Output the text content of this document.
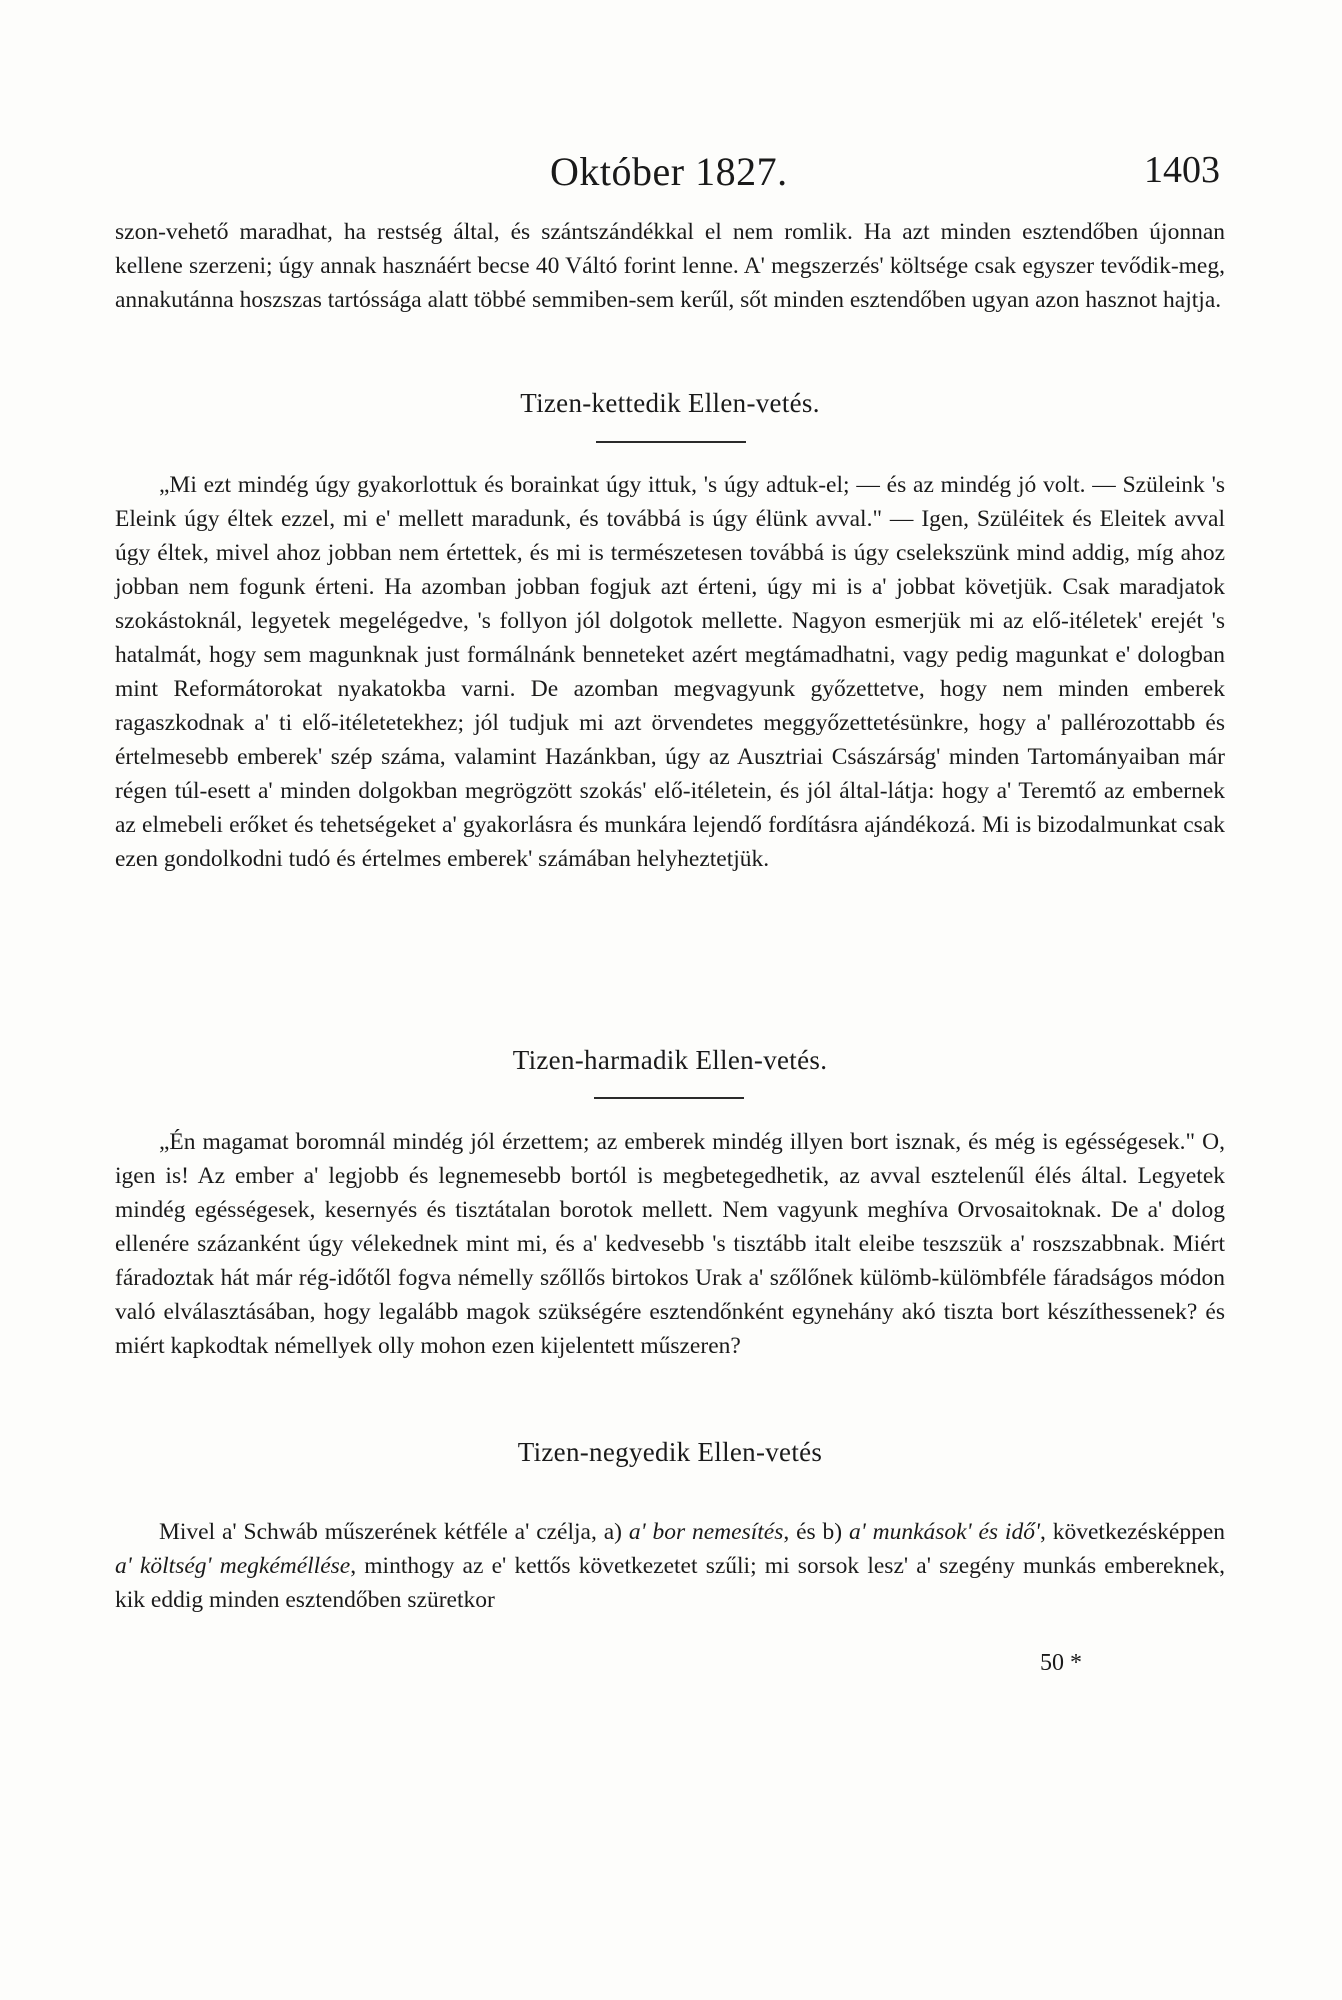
Október 1827.	1403

szon-vehető maradhat, ha restség által, és szántszándékkal el nem romlik. Ha azt minden esztendőben újonnan kellene szerzeni; úgy annak hasznáért becse 40 Váltó forint lenne. A' megszerzés' költsége csak egyszer tevődik-meg, annakutánna hoszszas tartóssága alatt többé semmiben-sem kerűl, sőt minden esztendőben ugyan azon hasznot hajtja.

Tizen-kettedik Ellen-vetés.

„Mi ezt mindég úgy gyakorlottuk és borainkat úgy ittuk, 's úgy adtuk-el; — és az mindég jó volt. — Szüleink 's Eleink úgy éltek ezzel, mi e' mellett maradunk, és továbbá is úgy élünk avval." — Igen, Szüléitek és Eleitek avval úgy éltek, mivel ahoz jobban nem értettek, és mi is természetesen továbbá is úgy cselekszünk mind addig, míg ahoz jobban nem fogunk érteni. Ha azomban jobban fogjuk azt érteni, úgy mi is a' jobbat követjük. Csak maradjatok szokástoknál, legyetek megelégedve, 's follyon jól dolgotok mellette. Nagyon esmerjük mi az elő-itéletek' erejét 's hatalmát, hogy sem magunknak just formálnánk benneteket azért megtámadhatni, vagy pedig magunkat e' dologban mint Reformátorokat nyakatokba varni. De azomban megvagyunk győzettetve, hogy nem minden emberek ragaszkodnak a' ti elő-itéletetekhez; jól tudjuk mi azt örvendetes meggyőzettetésünkre, hogy a' pallérozottabb és értelmesebb emberek' szép száma, valamint Hazánkban, úgy az Ausztriai Császárság' minden Tartományaiban már régen túl-esett a' minden dolgokban megrögzött szokás' elő-itéletein, és jól által-látja: hogy a' Teremtő az embernek az elmebeli erőket és tehetségeket a' gyakorlásra és munkára lejendő fordításra ajándékozá. Mi is bizodalmunkat csak ezen gondolkodni tudó és értelmes emberek' számában helyheztetjük.

Tizen-harmadik Ellen-vetés.

„Én magamat boromnál mindég jól érzettem; az emberek mindég illyen bort isznak, és még is egésségesek." O, igen is! Az ember a' legjobb és legnemesebb bortól is megbetegedhetik, az avval esztelenűl élés által. Legyetek mindég egésségesek, kesernyés és tisztátalan borotok mellett. Nem vagyunk meghíva Orvosaitoknak. De a' dolog ellenére százanként úgy vélekednek mint mi, és a' kedvesebb 's tisztább italt eleibe teszszük a' roszszabbnak. Miért fáradoztak hát már rég-időtől fogva némelly szőllős birtokos Urak a' szőlőnek külömb-külömbféle fáradságos módon való elválasztásában, hogy legalább magok szükségére esztendőnként egynehány akó tiszta bort készíthessenek? és miért kapkodtak némellyek olly mohon ezen kijelentett műszeren?

Tizen-negyedik Ellen-vetés

Mivel a' Schwáb műszerének kétféle a' czélja, a) a' bor nemesítés, és b) a' munkások' és idő', következésképpen a' költség' megkéméllése, minthogy az e' kettős következetet szűli; mi sorsok lesz' a' szegény munkás embereknek, kik eddig minden esztendőben szüretkor

50 *
